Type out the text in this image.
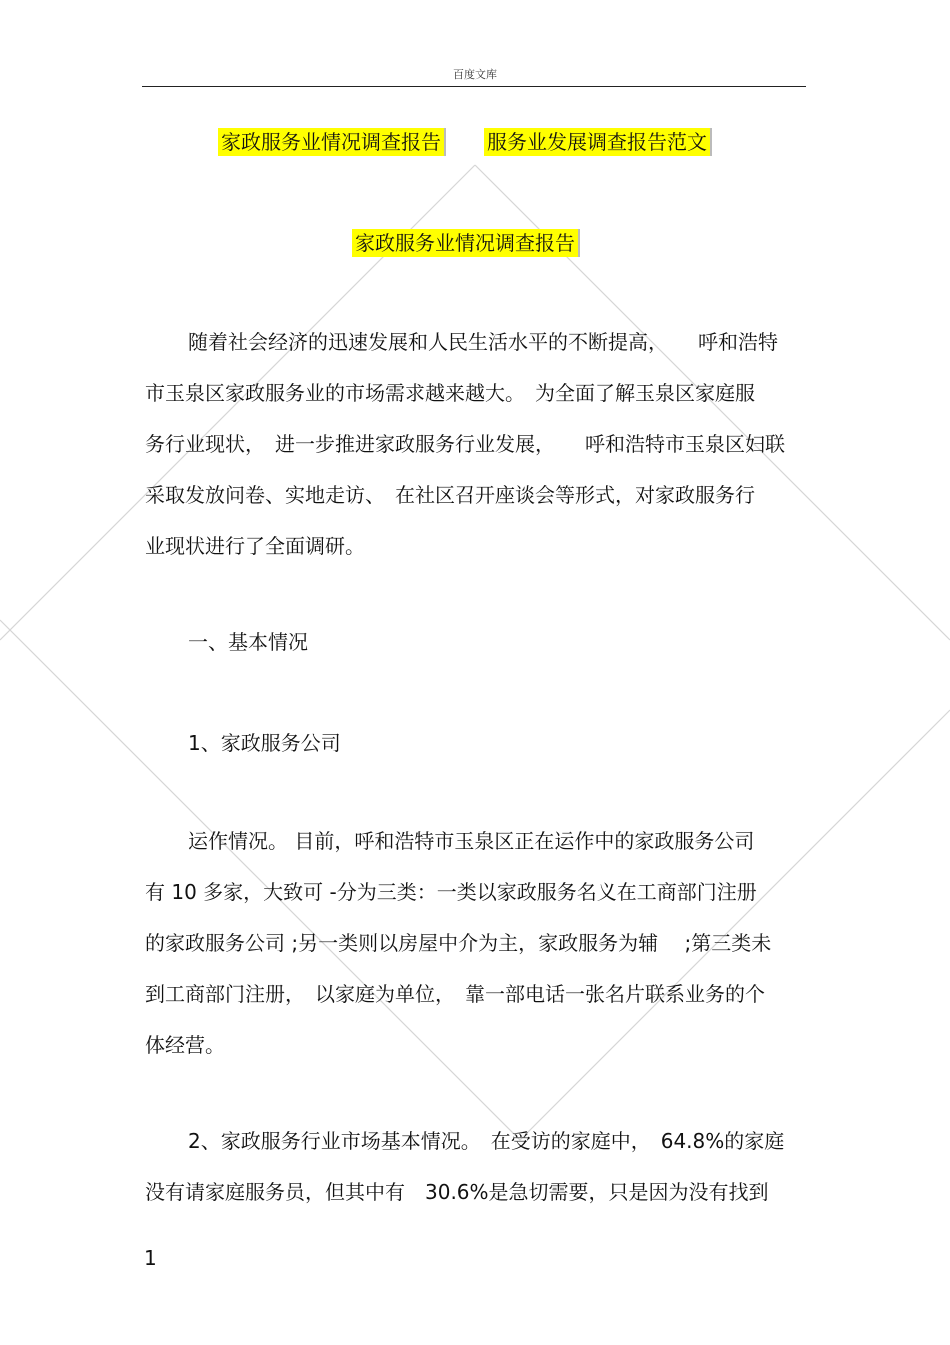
百度文库
家政服务业情况调查报告 服务业发展调查报告范文
家政服务业情况调查报告
随着社会经济的迅速发展和人民生活水平的不断提高，　　呼和浩特
市玉泉区家政服务业的市场需求越来越大。　为全面了解玉泉区家庭服
务行业现状，　进一步推进家政服务行业发展，　　呼和浩特市玉泉区妇联
采取发放问卷、实地走访、　在社区召开座谈会等形式，对家政服务行
业现状进行了全面调研。
一、基本情况
1、家政服务公司
运作情况。 目前，呼和浩特市玉泉区正在运作中的家政服务公司
有 10 多家，大致可 -分为三类：一类以家政服务名义在工商部门注册
的家政服务公司 ;另一类则以房屋中介为主，家政服务为辅　 ;第三类未
到工商部门注册，　以家庭为单位，　靠一部电话一张名片联系业务的个
体经营。
2、家政服务行业市场基本情况。　在受访的家庭中，　64.8%的家庭
没有请家庭服务员，但其中有　30.6%是急切需要，只是因为没有找到
1
